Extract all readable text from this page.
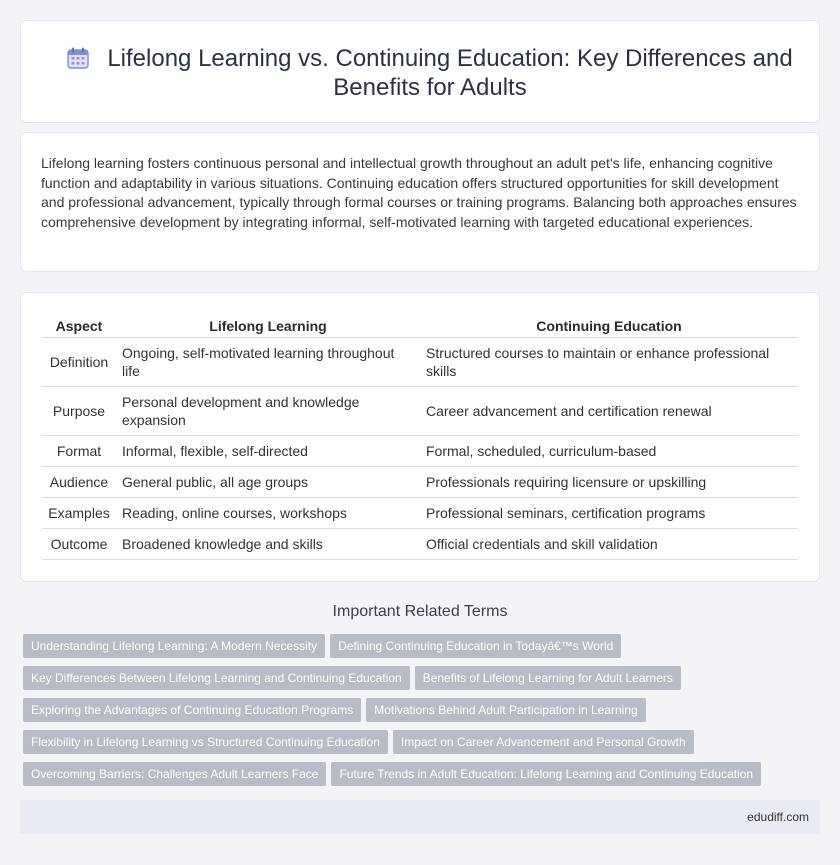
Lifelong Learning vs. Continuing Education: Key Differences and
Benefits for Adults

Lifelong learning fosters continuous personal and intellectual growth throughout an adult pet's life, enhancing cognitive function and adaptability in various situations. Continuing education offers structured opportunities for skill development and professional advancement, typically through formal courses or training programs. Balancing both approaches ensures comprehensive development by integrating informal, self-motivated learning with targeted educational experiences.

Aspect	Lifelong Learning	Continuing Education
Definition	Ongoing, self-motivated learning throughout life	Structured courses to maintain or enhance professional skills
Purpose	Personal development and knowledge expansion	Career advancement and certification renewal
Format	Informal, flexible, self-directed	Formal, scheduled, curriculum-based
Audience	General public, all age groups	Professionals requiring licensure or upskilling
Examples	Reading, online courses, workshops	Professional seminars, certification programs
Outcome	Broadened knowledge and skills	Official credentials and skill validation
Important Related Terms
Understanding Lifelong Learning: A Modern Necessity Defining Continuing Education in Todayâ€™s World
Key Differences Between Lifelong Learning and Continuing Education Benefits of Lifelong Learning for Adult Learners
Exploring the Advantages of Continuing Education Programs Motivations Behind Adult Participation in Learning
Flexibility in Lifelong Learning vs Structured Continuing Education Impact on Career Advancement and Personal Growth
Overcoming Barriers: Challenges Adult Learners Face Future Trends in Adult Education: Lifelong Learning and Continuing Education
edudiff.com
